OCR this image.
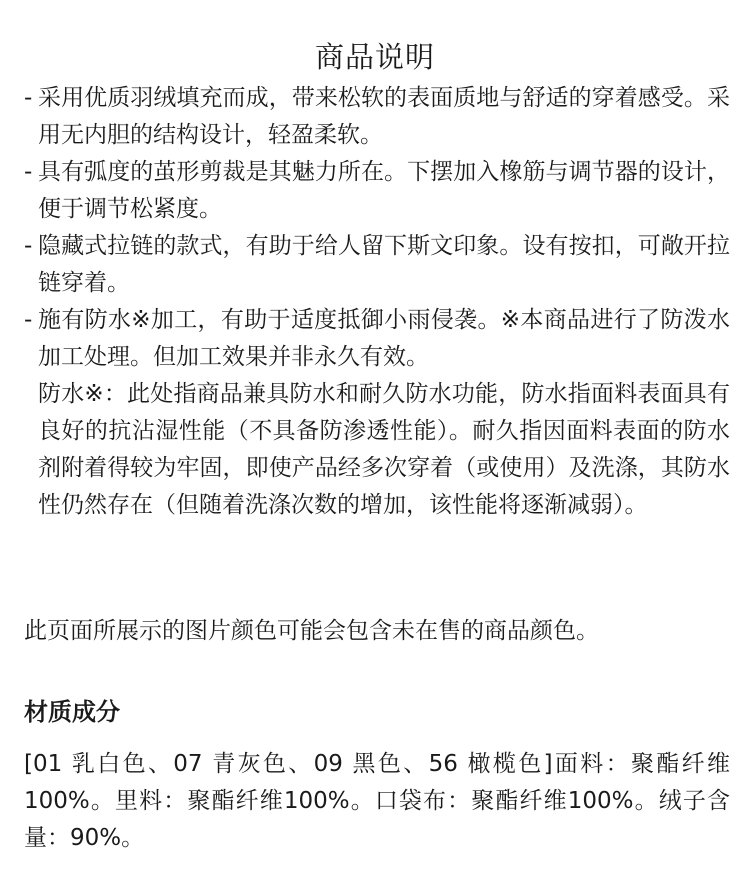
商品说明
- 采用优质羽绒填充而成，带来松软的表面质地与舒适的穿着感受。采用无内胆的结构设计，轻盈柔软。
- 具有弧度的茧形剪裁是其魅力所在。下摆加入橡筋与调节器的设计，便于调节松紧度。
- 隐藏式拉链的款式，有助于给人留下斯文印象。设有按扣，可敞开拉链穿着。
- 施有防水※加工，有助于适度抵御小雨侵袭。※本商品进行了防泼水加工处理。但加工效果并非永久有效。
防水※：此处指商品兼具防水和耐久防水功能，防水指面料表面具有良好的抗沾湿性能（不具备防渗透性能）。耐久指因面料表面的防水剂附着得较为牢固，即使产品经多次穿着（或使用）及洗涤，其防水性仍然存在（但随着洗涤次数的增加，该性能将逐渐减弱）。

此页面所展示的图片颜色可能会包含未在售的商品颜色。

材质成分

[01 乳白色、07 青灰色、09 黑色、56 橄榄色]面料：聚酯纤维100%。里料：聚酯纤维100%。口袋布：聚酯纤维100%。绒子含量：90%。
